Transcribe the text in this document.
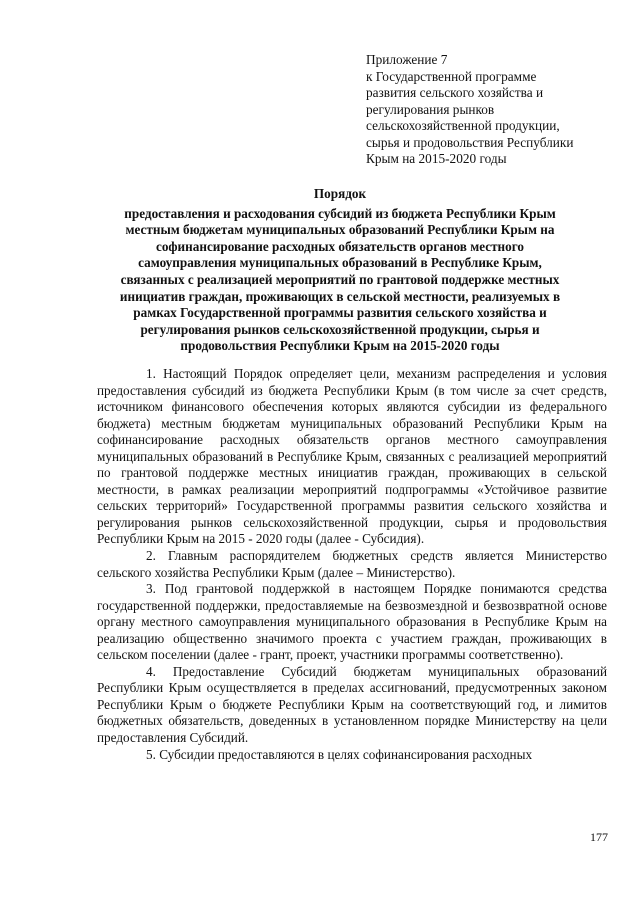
Приложение 7
к Государственной программе
развития сельского хозяйства и
регулирования рынков
сельскохозяйственной продукции,
сырья и продовольствия Республики
Крым на 2015-2020 годы
Порядок
предоставления и расходования субсидий из бюджета Республики Крым
местным бюджетам муниципальных образований Республики Крым на
софинансирование расходных обязательств органов местного
самоуправления муниципальных образований в Республике Крым,
связанных с реализацией мероприятий по грантовой поддержке местных
инициатив граждан, проживающих в сельской местности, реализуемых в
рамках Государственной программы развития сельского хозяйства и
регулирования рынков сельскохозяйственной продукции, сырья и
продовольствия Республики Крым на 2015-2020 годы

1. Настоящий Порядок определяет цели, механизм распределения и условия предоставления субсидий из бюджета Республики Крым (в том числе за счет средств, источником финансового обеспечения которых являются субсидии из федерального бюджета) местным бюджетам муниципальных образований Республики Крым на софинансирование расходных обязательств органов местного самоуправления муниципальных образований в Республике Крым, связанных с реализацией мероприятий по грантовой поддержке местных инициатив граждан, проживающих в сельской местности, в рамках реализации мероприятий подпрограммы «Устойчивое развитие сельских территорий» Государственной программы развития сельского хозяйства и регулирования рынков сельскохозяйственной продукции, сырья и продовольствия Республики Крым на 2015 - 2020 годы (далее - Субсидия).

2. Главным распорядителем бюджетных средств является Министерство сельского хозяйства Республики Крым (далее – Министерство).

3. Под грантовой поддержкой в настоящем Порядке понимаются средства государственной поддержки, предоставляемые на безвозмездной и безвозвратной основе органу местного самоуправления муниципального образования в Республике Крым на реализацию общественно значимого проекта с участием граждан, проживающих в сельском поселении (далее - грант, проект, участники программы соответственно).

4. Предоставление Субсидий бюджетам муниципальных образований Республики Крым осуществляется в пределах ассигнований, предусмотренных законом Республики Крым о бюджете Республики Крым на соответствующий год, и лимитов бюджетных обязательств, доведенных в установленном порядке Министерству на цели предоставления Субсидий.

5. Субсидии предоставляются в целях софинансирования расходных

177
